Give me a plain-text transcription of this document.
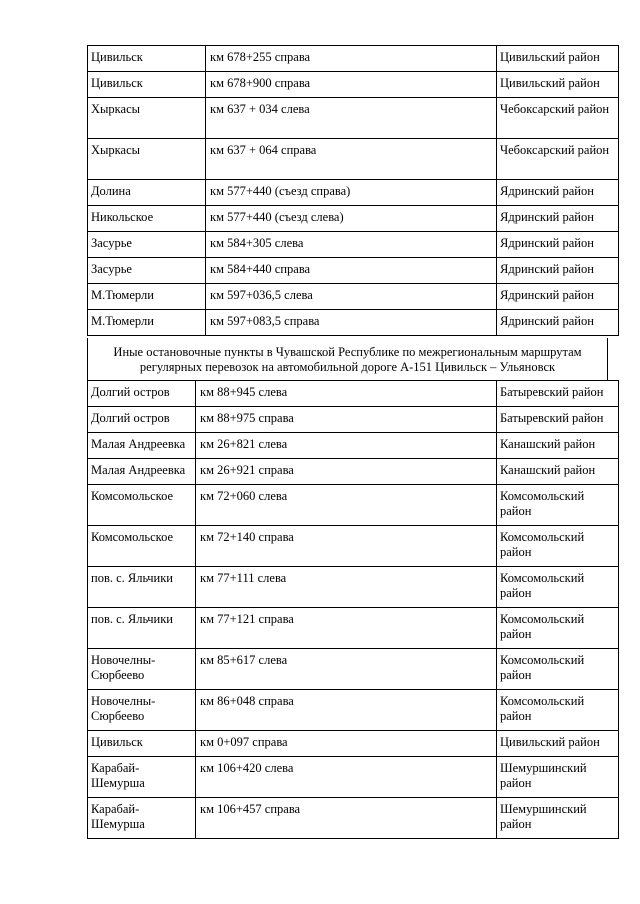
Цивильск	км 678+255 справа	Цивильский район
Цивильск	км 678+900 справа	Цивильский район
Хыркасы	км 637 + 034 слева	Чебоксарский район
Хыркасы	км 637 + 064 справа	Чебоксарский район
Долина	км 577+440 (съезд справа)	Ядринский район
Никольское	км 577+440 (съезд слева)	Ядринский район
Засурье	км 584+305 слева	Ядринский район
Засурье	км 584+440 справа	Ядринский район
М.Тюмерли	км 597+036,5 слева	Ядринский район
М.Тюмерли	км 597+083,5 справа	Ядринский район
Иные остановочные пункты в Чувашской Республике по межрегиональным маршрутам регулярных перевозок на автомобильной дороге А-151 Цивильск – Ульяновск
Долгий остров	км 88+945 слева	Батыревский район
Долгий остров	км 88+975 справа	Батыревский район
Малая Андреевка	км 26+821 слева	Канашский район
Малая Андреевка	км 26+921 справа	Канашский район
Комсомольское	км 72+060 слева	Комсомольский район
Комсомольское	км 72+140 справа	Комсомольский район
пов. с. Яльчики	км 77+111 слева	Комсомольский район
пов. с. Яльчики	км 77+121 справа	Комсомольский район
Новочелны-Сюрбеево	км 85+617 слева	Комсомольский район
Новочелны-Сюрбеево	км 86+048 справа	Комсомольский район
Цивильск	км 0+097 справа	Цивильский район
Карабай-Шемурша	км 106+420 слева	Шемуршинский район
Карабай-Шемурша	км 106+457 справа	Шемуршинский район
